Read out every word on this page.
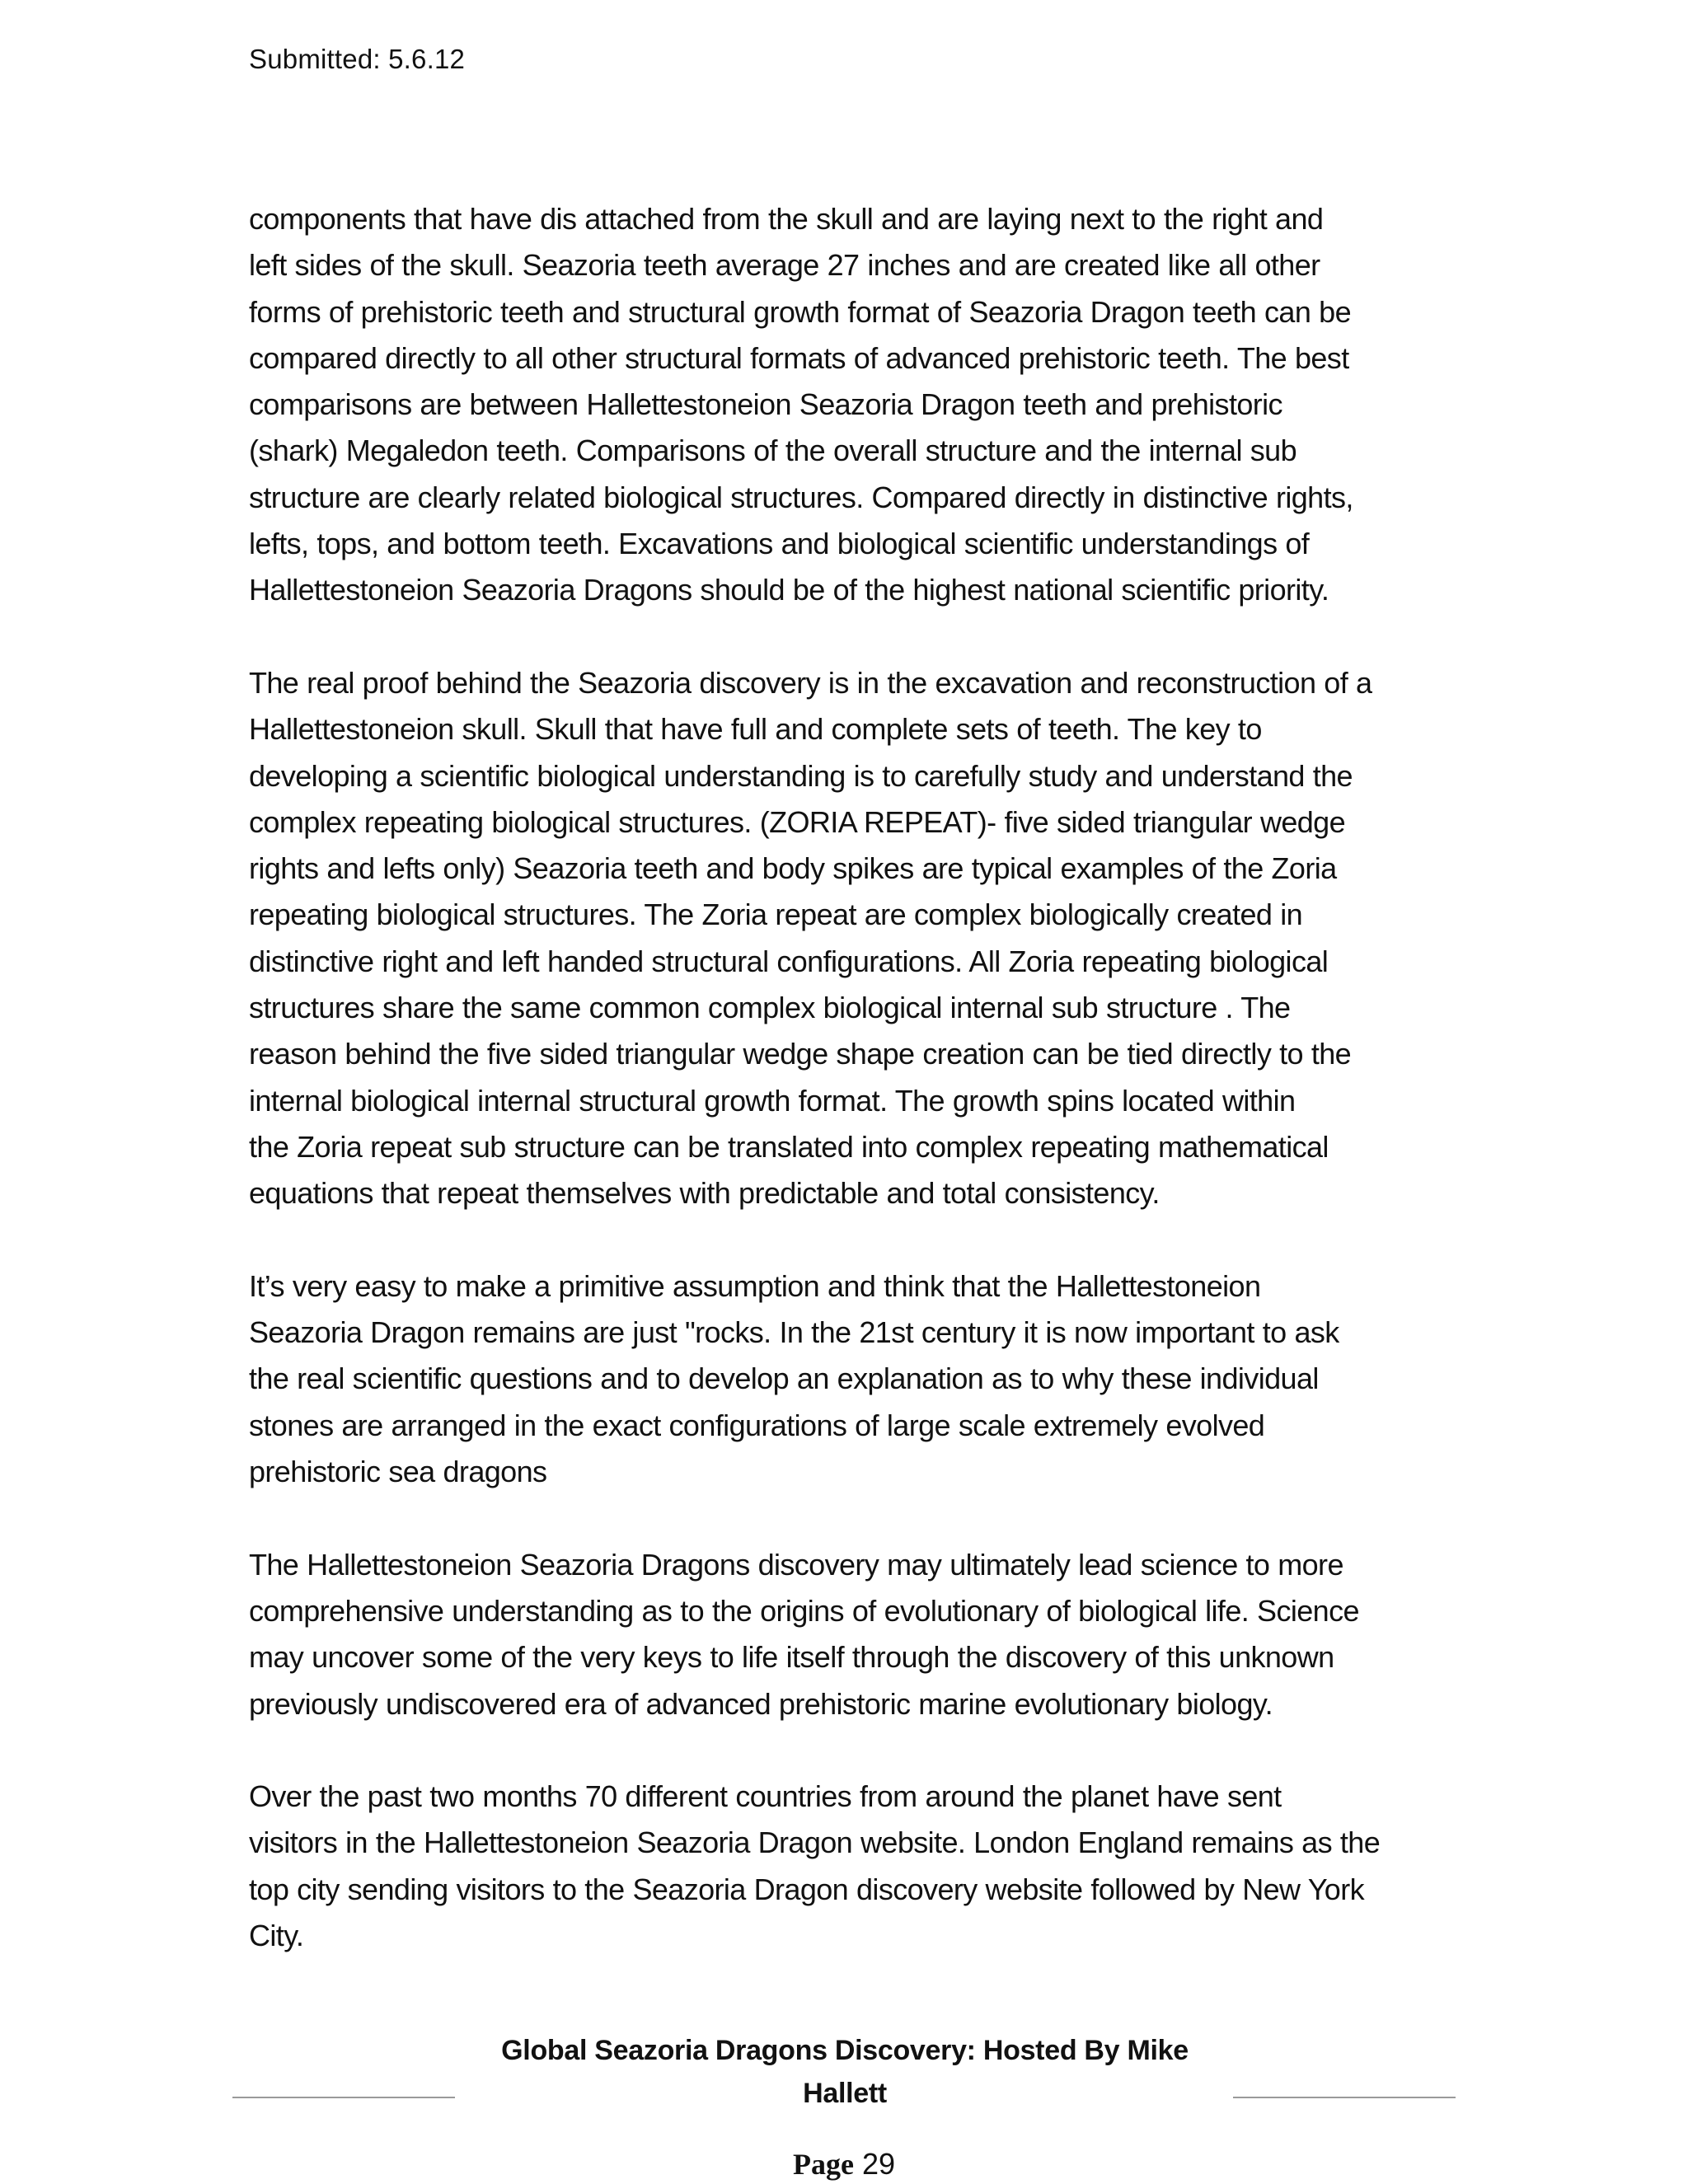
Submitted: 5.6.12

components that have dis attached from the skull and are laying next to the right and
left sides of the skull. Seazoria teeth average 27 inches and are created like all other
forms of prehistoric teeth and structural growth format of Seazoria Dragon teeth can be
compared directly to all other structural formats of advanced prehistoric teeth. The best
comparisons are between Hallettestoneion Seazoria Dragon teeth and prehistoric
(shark) Megaledon teeth. Comparisons of the overall structure and the internal sub
structure are clearly related biological structures. Compared directly in distinctive rights,
lefts, tops, and bottom teeth. Excavations and biological scientific understandings of
Hallettestoneion Seazoria Dragons should be of the highest national scientific priority.

The real proof behind the Seazoria discovery is in the excavation and reconstruction of a
Hallettestoneion skull. Skull that have full and complete sets of teeth. The key to
developing a scientific biological understanding is to carefully study and understand the
complex repeating biological structures. (ZORIA REPEAT)- five sided triangular wedge
rights and lefts only) Seazoria teeth and body spikes are typical examples of the Zoria
repeating biological structures. The Zoria repeat are complex biologically created in
distinctive right and left handed structural configurations. All Zoria repeating biological
structures share the same common complex biological internal sub structure . The
reason behind the five sided triangular wedge shape creation can be tied directly to the
internal biological internal structural growth format. The growth spins located within
the Zoria repeat sub structure can be translated into complex repeating mathematical
equations that repeat themselves with predictable and total consistency.

It’s very easy to make a primitive assumption and think that the Hallettestoneion
Seazoria Dragon remains are just "rocks. In the 21st century it is now important to ask
the real scientific questions and to develop an explanation as to why these individual
stones are arranged in the exact configurations of large scale extremely evolved
prehistoric sea dragons

The Hallettestoneion Seazoria Dragons discovery may ultimately lead science to more
comprehensive understanding as to the origins of evolutionary of biological life. Science
may uncover some of the very keys to life itself through the discovery of this unknown
previously undiscovered era of advanced prehistoric marine evolutionary biology.

Over the past two months 70 different countries from around the planet have sent
visitors in the Hallettestoneion Seazoria Dragon website. London England remains as the
top city sending visitors to the Seazoria Dragon discovery website followed by New York
City.

Global Seazoria Dragons Discovery: Hosted By Mike
Hallett
Page 29
